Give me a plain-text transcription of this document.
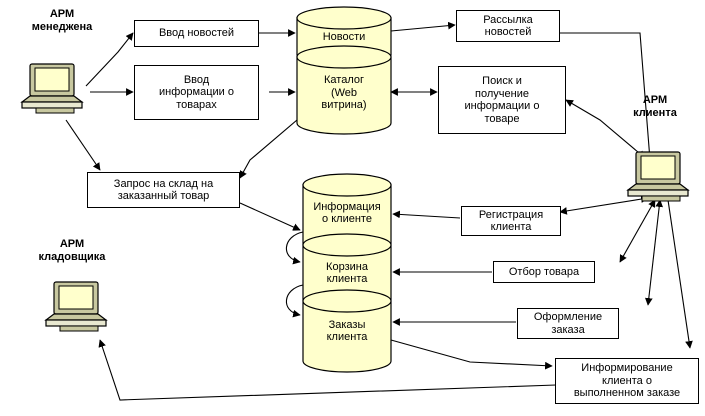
АРМ
менеджена
АРМ
клиента
АРМ
кладовщика
Новости
Каталог
(Web
витрина)
Информация
о клиенте
Корзина
клиента
Заказы
клиента
Ввод новостей
Ввод
информации о
товарах
Рассылка
новостей
Поиск и
получение
информации о
товаре
Запрос на склад на
заказанный товар
Регистрация
клиента
Отбор товара
Оформление
заказа
Информирование
клиента о
выполненном заказе
